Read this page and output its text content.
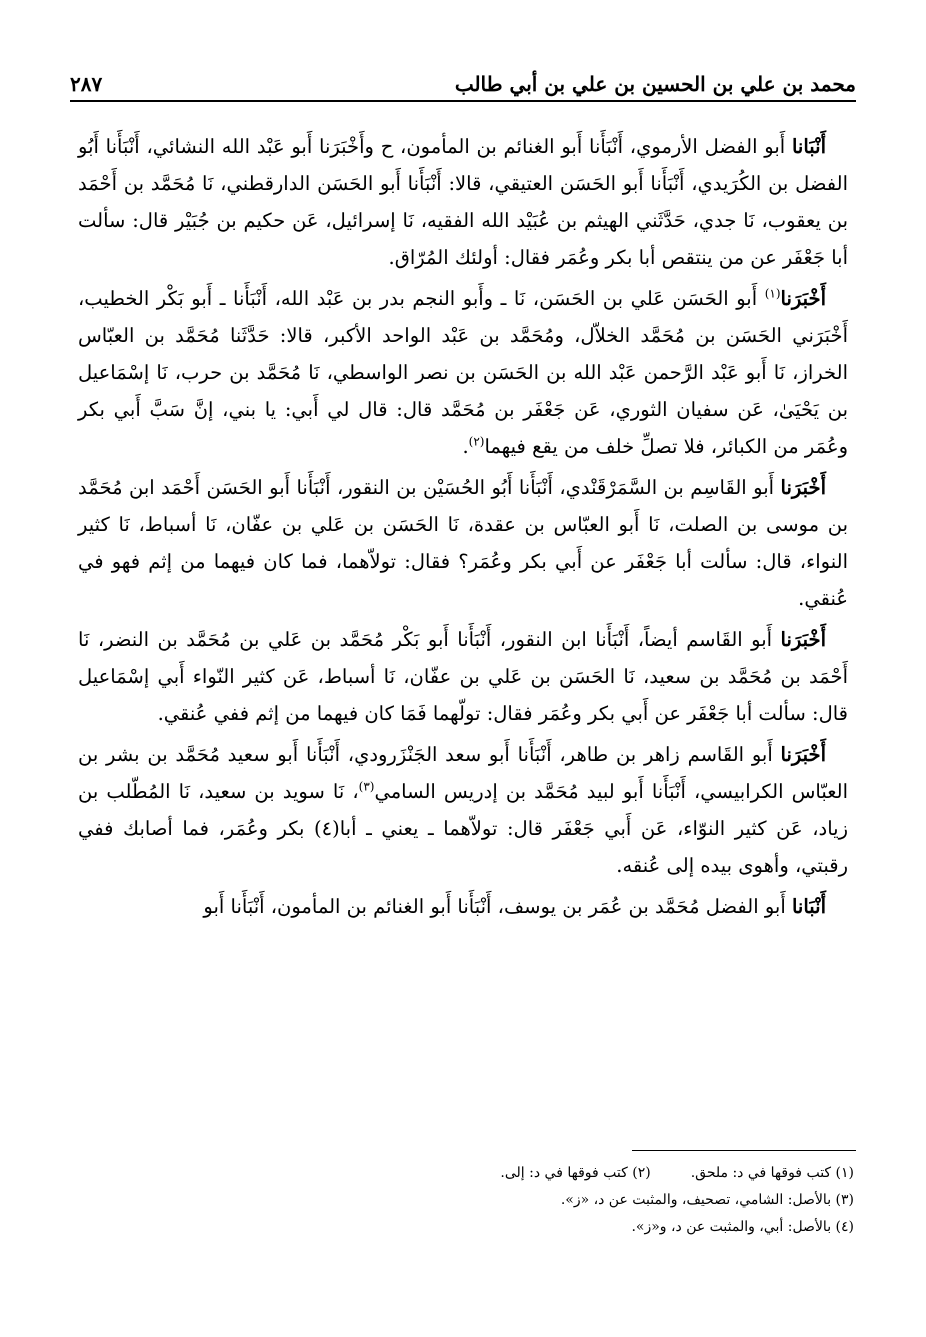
محمد بن علي بن الحسين بن علي بن أبي طالب
٢٨٧

أَنْبَانا أَبو الفضل الأرموي، أَنْبَأَنا أَبو الغنائم بن المأمون، ح وأَخْبَرَنا أَبو عَبْد الله النشائي، أَنْبَأَنا أَبُو الفضل بن الكُرَيدي، أَنْبَأَنا أَبو الحَسَن العتيقي، قالا: أَنْبَأَنا أَبو الحَسَن الدارقطني، نَا مُحَمَّد بن أَحْمَد بن يعقوب، نَا جدي، حَدَّثَني الهيثم بن عُبَيْد الله الفقيه، نَا إسرائيل، عَن حكيم بن جُبَيْر قال: سألت أبا جَعْفَر عن من ينتقص أبا بكر وعُمَر فقال: أولئك المُرّاق.

أَخْبَرَنا$^{(١)}$ أَبو الحَسَن عَلي بن الحَسَن، نَا ـ وأَبو النجم بدر بن عَبْد الله، أَنْبَأَنا ـ أَبو بَكْر الخطيب، أَخْبَرَني الحَسَن بن مُحَمَّد الخلاّل، ومُحَمَّد بن عَبْد الواحد الأكبر، قالا: حَدَّثَنا مُحَمَّد بن العبّاس الخراز، نَا أَبو عَبْد الرَّحمن عَبْد الله بن الحَسَن بن نصر الواسطي، نَا مُحَمَّد بن حرب، نَا إسْمَاعيل بن يَحْيَىٰ، عَن سفيان الثوري، عَن جَعْفَر بن مُحَمَّد قال: قال لي أَبي: يا بني، إنَّ سَبَّ أَبي بكر وعُمَر من الكبائر، فلا تصلِّ خلف من يقع فيهما$^{(٢)}$.

أَخْبَرَنا أَبو القَاسِم بن السَّمَرْقَنْدي، أَنْبَأَنا أَبُو الحُسَيْن بن النقور، أَنْبَأَنا أَبو الحَسَن أَحْمَد ابن مُحَمَّد بن موسى بن الصلت، نَا أَبو العبّاس بن عقدة، نَا الحَسَن بن عَلي بن عفّان، نَا أسباط، نَا كثير النواء، قال: سألت أبا جَعْفَر عن أَبي بكر وعُمَر؟ فقال: تولاّهما، فما كان فيهما من إثم فهو في عُنقي.

أَخْبَرَنا أَبو القَاسم أيضاً، أَنْبَأَنا ابن النقور، أَنْبَأَنا أَبو بَكْر مُحَمَّد بن عَلي بن مُحَمَّد بن النضر، نَا أَحْمَد بن مُحَمَّد بن سعيد، نَا الحَسَن بن عَلي بن عفّان، نَا أسباط، عَن كثير النّواء أَبي إسْمَاعيل قال: سألت أبا جَعْفَر عن أَبي بكر وعُمَر فقال: تولّهما فَمَا كان فيهما من إثم ففي عُنقي.

أَخْبَرَنا أَبو القَاسم زاهر بن طاهر، أَنْبَأَنا أَبو سعد الجَنْزَرودي، أَنْبَأَنا أَبو سعيد مُحَمَّد بن بشر بن العبّاس الكرابيسي، أَنْبَأَنا أَبو لبيد مُحَمَّد بن إدريس السامي$^{(٣)}$، نَا سويد بن سعيد، نَا المُطّلب بن زياد، عَن كثير النوّاء، عَن أَبي جَعْفَر قال: تولاّهما ـ يعني ـ أبا(٤) بكر وعُمَر، فما أصابك ففي رقبتي، وأهوى بيده إلى عُنقه.

أَنْبَانا أَبو الفضل مُحَمَّد بن عُمَر بن يوسف، أَنْبَأَنا أَبو الغنائم بن المأمون، أَنْبَأَنا أَبو

(١) كتب فوقها في د: ملحق.
(٢) كتب فوقها في د: إلى.
(٣) بالأصل: الشامي، تصحيف، والمثبت عن د، «ز».
(٤) بالأصل: أبي، والمثبت عن د، و«ز».
